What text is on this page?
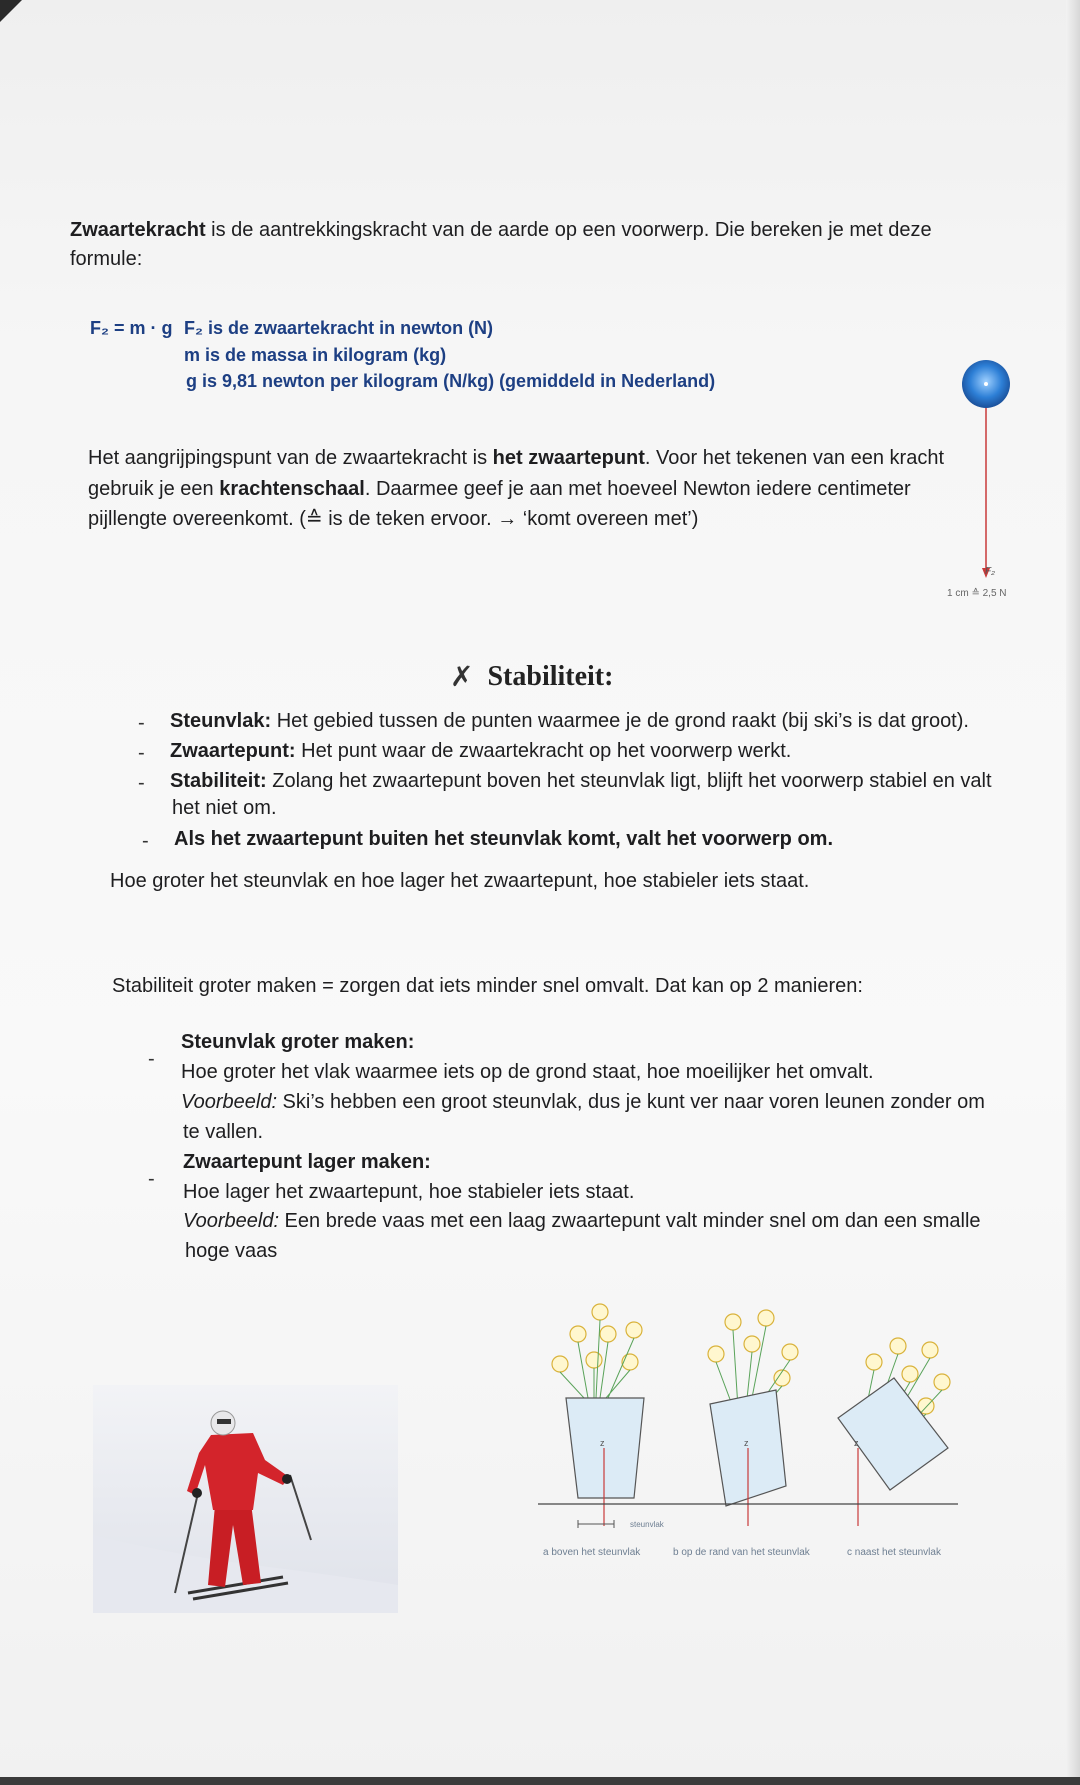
Zwaartekracht is de aantrekkingskracht van de aarde op een voorwerp. Die bereken je met deze
formule:
F₂ = m · g F₂ is de zwaartekracht in newton (N)
m is de massa in kilogram (kg)
g is 9,81 newton per kilogram (N/kg) (gemiddeld in Nederland)
Het aangrijpingspunt van de zwaartekracht is het zwaartepunt. Voor het tekenen van een kracht
gebruik je een krachtenschaal. Daarmee geef je aan met hoeveel Newton iedere centimeter
pijllengte overeenkomt. (≙ is de teken ervoor. → ‘komt overeen met’)
F₂
1 cm ≙ 2,5 N
✗ Stabiliteit:
- Steunvlak: Het gebied tussen de punten waarmee je de grond raakt (bij ski’s is dat groot).
- Zwaartepunt: Het punt waar de zwaartekracht op het voorwerp werkt.
- Stabiliteit: Zolang het zwaartepunt boven het steunvlak ligt, blijft het voorwerp stabiel en valt
het niet om.
- Als het zwaartepunt buiten het steunvlak komt, valt het voorwerp om.
Hoe groter het steunvlak en hoe lager het zwaartepunt, hoe stabieler iets staat.
Stabiliteit groter maken = zorgen dat iets minder snel omvalt. Dat kan op 2 manieren:
-
Steunvlak groter maken:
Hoe groter het vlak waarmee iets op de grond staat, hoe moeilijker het omvalt.
Voorbeeld: Ski’s hebben een groot steunvlak, dus je kunt ver naar voren leunen zonder om
te vallen.
-
Zwaartepunt lager maken:
Hoe lager het zwaartepunt, hoe stabieler iets staat.
Voorbeeld: Een brede vaas met een laag zwaartepunt valt minder snel om dan een smalle
hoge vaas
z	z	z
steunvlak
a boven het steunvlak	b op de rand van het steunvlak	c naast het steunvlak
